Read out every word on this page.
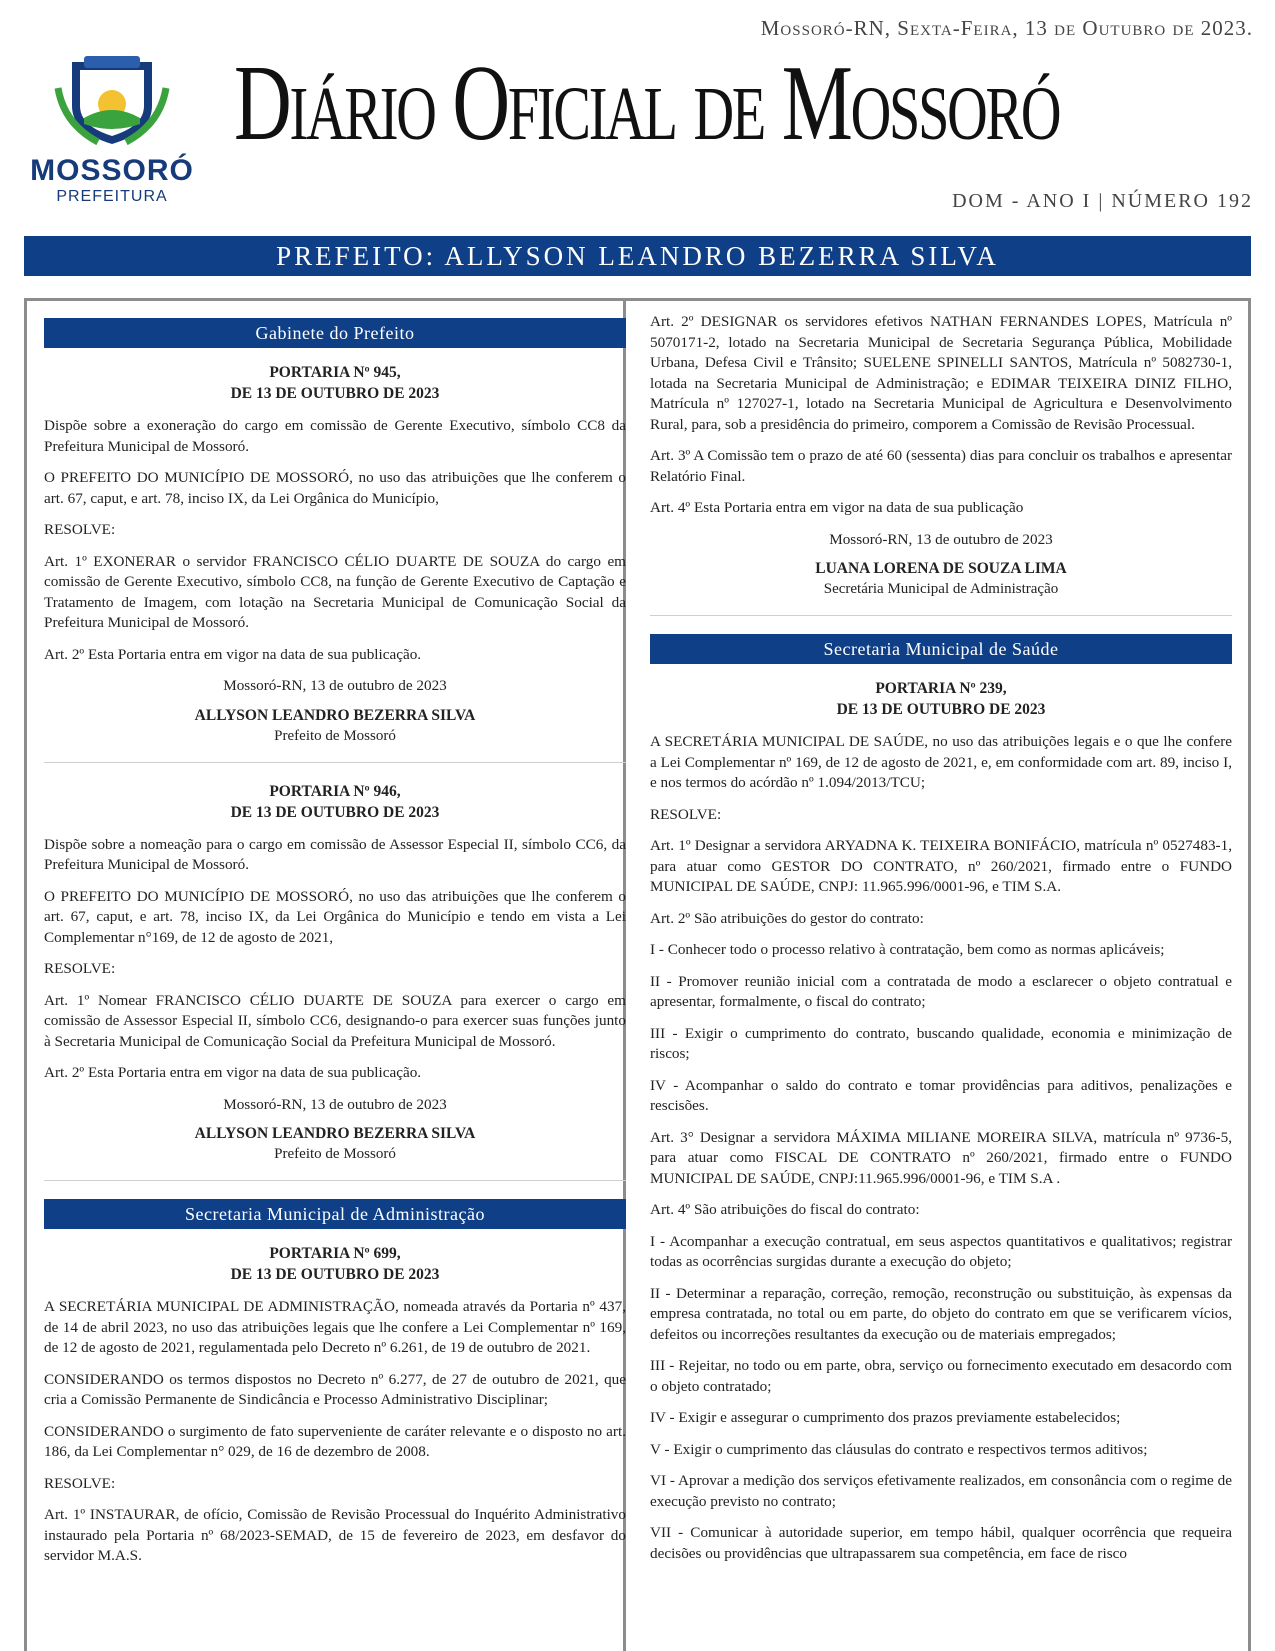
MOSSORÓ
PREFEITURA
Mossoró-RN, Sexta-Feira, 13 de Outubro de 2023.
Diário Oficial de Mossoró
DOM - ANO I | NÚMERO 192
PREFEITO: ALLYSON LEANDRO BEZERRA SILVA
Gabinete do Prefeito
PORTARIA Nº 945,
DE 13 DE OUTUBRO DE 2023

Dispõe sobre a exoneração do cargo em comissão de Gerente Executivo, símbolo CC8 da Prefeitura Municipal de Mossoró.

O PREFEITO DO MUNICÍPIO DE MOSSORÓ, no uso das atribuições que lhe conferem o art. 67, caput, e art. 78, inciso IX, da Lei Orgânica do Município,

RESOLVE:

Art. 1º EXONERAR o servidor FRANCISCO CÉLIO DUARTE DE SOUZA do cargo em comissão de Gerente Executivo, símbolo CC8, na função de Gerente Executivo de Captação e Tratamento de Imagem, com lotação na Secretaria Municipal de Comunicação Social da Prefeitura Municipal de Mossoró.

Art. 2º Esta Portaria entra em vigor na data de sua publicação.

Mossoró-RN, 13 de outubro de 2023

ALLYSON LEANDRO BEZERRA SILVA

Prefeito de Mossoró

PORTARIA Nº 946,
DE 13 DE OUTUBRO DE 2023

Dispõe sobre a nomeação para o cargo em comissão de Assessor Especial II, símbolo CC6, da Prefeitura Municipal de Mossoró.

O PREFEITO DO MUNICÍPIO DE MOSSORÓ, no uso das atribuições que lhe conferem o art. 67, caput, e art. 78, inciso IX, da Lei Orgânica do Município e tendo em vista a Lei Complementar n°169, de 12 de agosto de 2021,

RESOLVE:

Art. 1º Nomear FRANCISCO CÉLIO DUARTE DE SOUZA para exercer o cargo em comissão de Assessor Especial II, símbolo CC6, designando-o para exercer suas funções junto à Secretaria Municipal de Comunicação Social da Prefeitura Municipal de Mossoró.

Art. 2º Esta Portaria entra em vigor na data de sua publicação.

Mossoró-RN, 13 de outubro de 2023

ALLYSON LEANDRO BEZERRA SILVA

Prefeito de Mossoró

Secretaria Municipal de Administração
PORTARIA Nº 699,
DE 13 DE OUTUBRO DE 2023

A SECRETÁRIA MUNICIPAL DE ADMINISTRAÇÃO, nomeada através da Portaria nº 437, de 14 de abril 2023, no uso das atribuições legais que lhe confere a Lei Complementar nº 169, de 12 de agosto de 2021, regulamentada pelo Decreto nº 6.261, de 19 de outubro de 2021.

CONSIDERANDO os termos dispostos no Decreto nº 6.277, de 27 de outubro de 2021, que cria a Comissão Permanente de Sindicância e Processo Administrativo Disciplinar;

CONSIDERANDO o surgimento de fato superveniente de caráter relevante e o disposto no art. 186, da Lei Complementar n° 029, de 16 de dezembro de 2008.

RESOLVE:

Art. 1º INSTAURAR, de ofício, Comissão de Revisão Processual do Inquérito Administrativo instaurado pela Portaria nº 68/2023-SEMAD, de 15 de fevereiro de 2023, em desfavor do servidor M.A.S.

Art. 2º DESIGNAR os servidores efetivos NATHAN FERNANDES LOPES, Matrícula nº 5070171-2, lotado na Secretaria Municipal de Secretaria Segurança Pública, Mobilidade Urbana, Defesa Civil e Trânsito; SUELENE SPINELLI SANTOS, Matrícula nº 5082730-1, lotada na Secretaria Municipal de Administração; e EDIMAR TEIXEIRA DINIZ FILHO, Matrícula nº 127027-1, lotado na Secretaria Municipal de Agricultura e Desenvolvimento Rural, para, sob a presidência do primeiro, comporem a Comissão de Revisão Processual.

Art. 3º A Comissão tem o prazo de até 60 (sessenta) dias para concluir os trabalhos e apresentar Relatório Final.

Art. 4º Esta Portaria entra em vigor na data de sua publicação

Mossoró-RN, 13 de outubro de 2023

LUANA LORENA DE SOUZA LIMA

Secretária Municipal de Administração

Secretaria Municipal de Saúde
PORTARIA Nº 239,
DE 13 DE OUTUBRO DE 2023

A SECRETÁRIA MUNICIPAL DE SAÚDE, no uso das atribuições legais e o que lhe confere a Lei Complementar nº 169, de 12 de agosto de 2021, e, em conformidade com art. 89, inciso I, e nos termos do acórdão nº 1.094/2013/TCU;

RESOLVE:

Art. 1º Designar a servidora ARYADNA K. TEIXEIRA BONIFÁCIO, matrícula nº 0527483-1, para atuar como GESTOR DO CONTRATO, nº 260/2021, firmado entre o FUNDO MUNICIPAL DE SAÚDE, CNPJ: 11.965.996/0001-96, e TIM S.A.

Art. 2º São atribuições do gestor do contrato:

I - Conhecer todo o processo relativo à contratação, bem como as normas aplicáveis;

II - Promover reunião inicial com a contratada de modo a esclarecer o objeto contratual e apresentar, formalmente, o fiscal do contrato;

III - Exigir o cumprimento do contrato, buscando qualidade, economia e minimização de riscos;

IV - Acompanhar o saldo do contrato e tomar providências para aditivos, penalizações e rescisões.

Art. 3° Designar a servidora MÁXIMA MILIANE MOREIRA SILVA, matrícula nº 9736-5, para atuar como FISCAL DE CONTRATO nº 260/2021, firmado entre o FUNDO MUNICIPAL DE SAÚDE, CNPJ:11.965.996/0001-96, e TIM S.A .

Art. 4º São atribuições do fiscal do contrato:

I - Acompanhar a execução contratual, em seus aspectos quantitativos e qualitativos; registrar todas as ocorrências surgidas durante a execução do objeto;

II - Determinar a reparação, correção, remoção, reconstrução ou substituição, às expensas da empresa contratada, no total ou em parte, do objeto do contrato em que se verificarem vícios, defeitos ou incorreções resultantes da execução ou de materiais empregados;

III - Rejeitar, no todo ou em parte, obra, serviço ou fornecimento executado em desacordo com o objeto contratado;

IV - Exigir e assegurar o cumprimento dos prazos previamente estabelecidos;

V - Exigir o cumprimento das cláusulas do contrato e respectivos termos aditivos;

VI - Aprovar a medição dos serviços efetivamente realizados, em consonância com o regime de execução previsto no contrato;

VII - Comunicar à autoridade superior, em tempo hábil, qualquer ocorrência que requeira decisões ou providências que ultrapassarem sua competência, em face de risco
